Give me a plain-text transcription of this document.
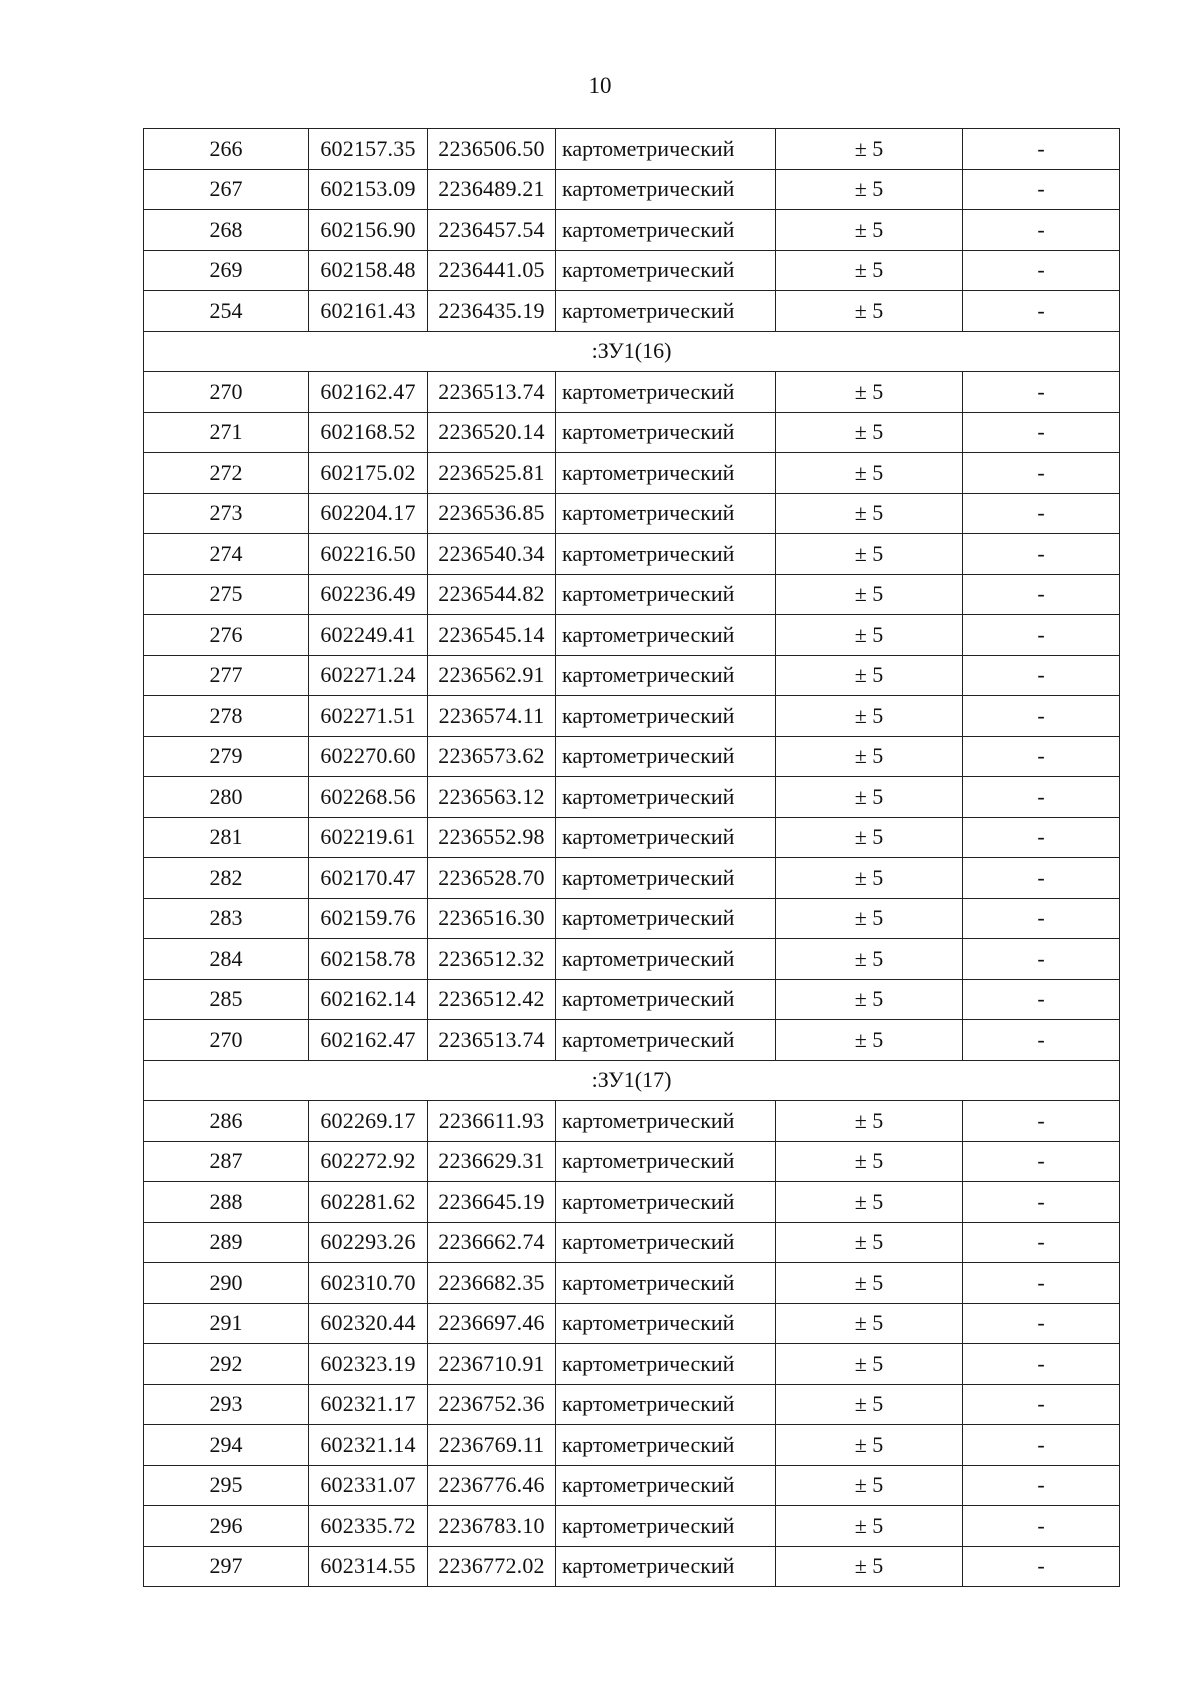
10
266	602157.35	2236506.50	картометрический	± 5	-
267	602153.09	2236489.21	картометрический	± 5	-
268	602156.90	2236457.54	картометрический	± 5	-
269	602158.48	2236441.05	картометрический	± 5	-
254	602161.43	2236435.19	картометрический	± 5	-
:ЗУ1(16)					
270	602162.47	2236513.74	картометрический	± 5	-
271	602168.52	2236520.14	картометрический	± 5	-
272	602175.02	2236525.81	картометрический	± 5	-
273	602204.17	2236536.85	картометрический	± 5	-
274	602216.50	2236540.34	картометрический	± 5	-
275	602236.49	2236544.82	картометрический	± 5	-
276	602249.41	2236545.14	картометрический	± 5	-
277	602271.24	2236562.91	картометрический	± 5	-
278	602271.51	2236574.11	картометрический	± 5	-
279	602270.60	2236573.62	картометрический	± 5	-
280	602268.56	2236563.12	картометрический	± 5	-
281	602219.61	2236552.98	картометрический	± 5	-
282	602170.47	2236528.70	картометрический	± 5	-
283	602159.76	2236516.30	картометрический	± 5	-
284	602158.78	2236512.32	картометрический	± 5	-
285	602162.14	2236512.42	картометрический	± 5	-
270	602162.47	2236513.74	картометрический	± 5	-
:ЗУ1(17)					
286	602269.17	2236611.93	картометрический	± 5	-
287	602272.92	2236629.31	картометрический	± 5	-
288	602281.62	2236645.19	картометрический	± 5	-
289	602293.26	2236662.74	картометрический	± 5	-
290	602310.70	2236682.35	картометрический	± 5	-
291	602320.44	2236697.46	картометрический	± 5	-
292	602323.19	2236710.91	картометрический	± 5	-
293	602321.17	2236752.36	картометрический	± 5	-
294	602321.14	2236769.11	картометрический	± 5	-
295	602331.07	2236776.46	картометрический	± 5	-
296	602335.72	2236783.10	картометрический	± 5	-
297	602314.55	2236772.02	картометрический	± 5	-
